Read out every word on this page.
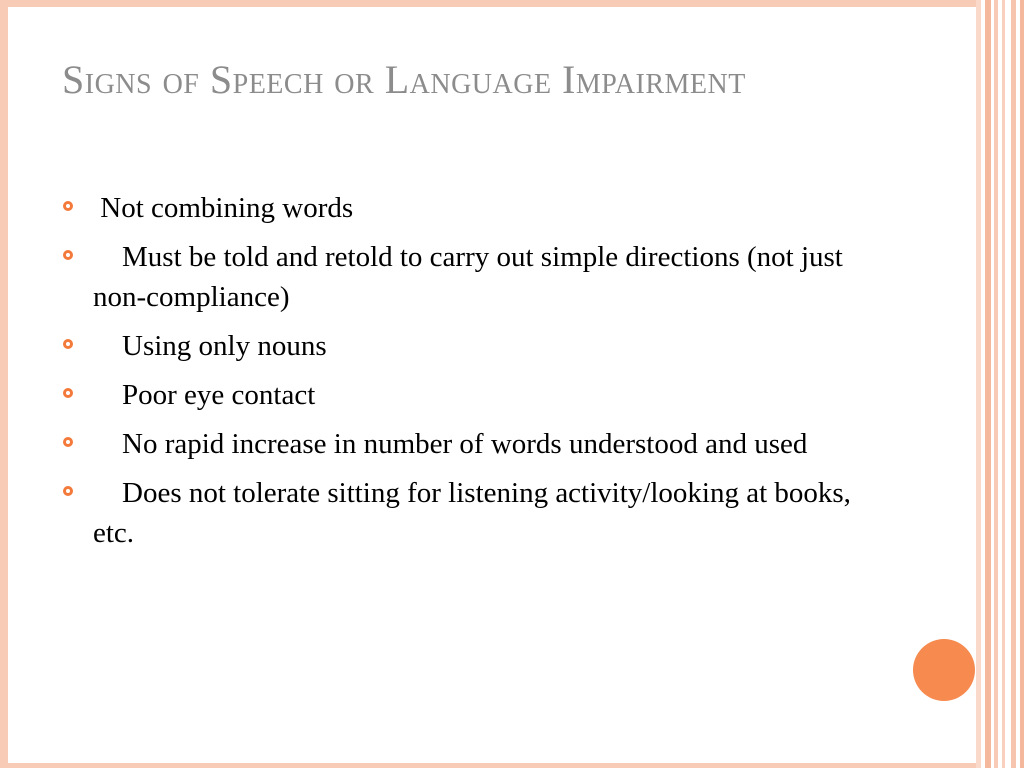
Signs of Speech or Language Impairment
Not combining words
Must be told and retold to carry out simple directions (not just non-compliance)
Using only nouns
Poor eye contact
No rapid increase in number of words understood and used
Does not tolerate sitting for listening activity/looking at books, etc.
